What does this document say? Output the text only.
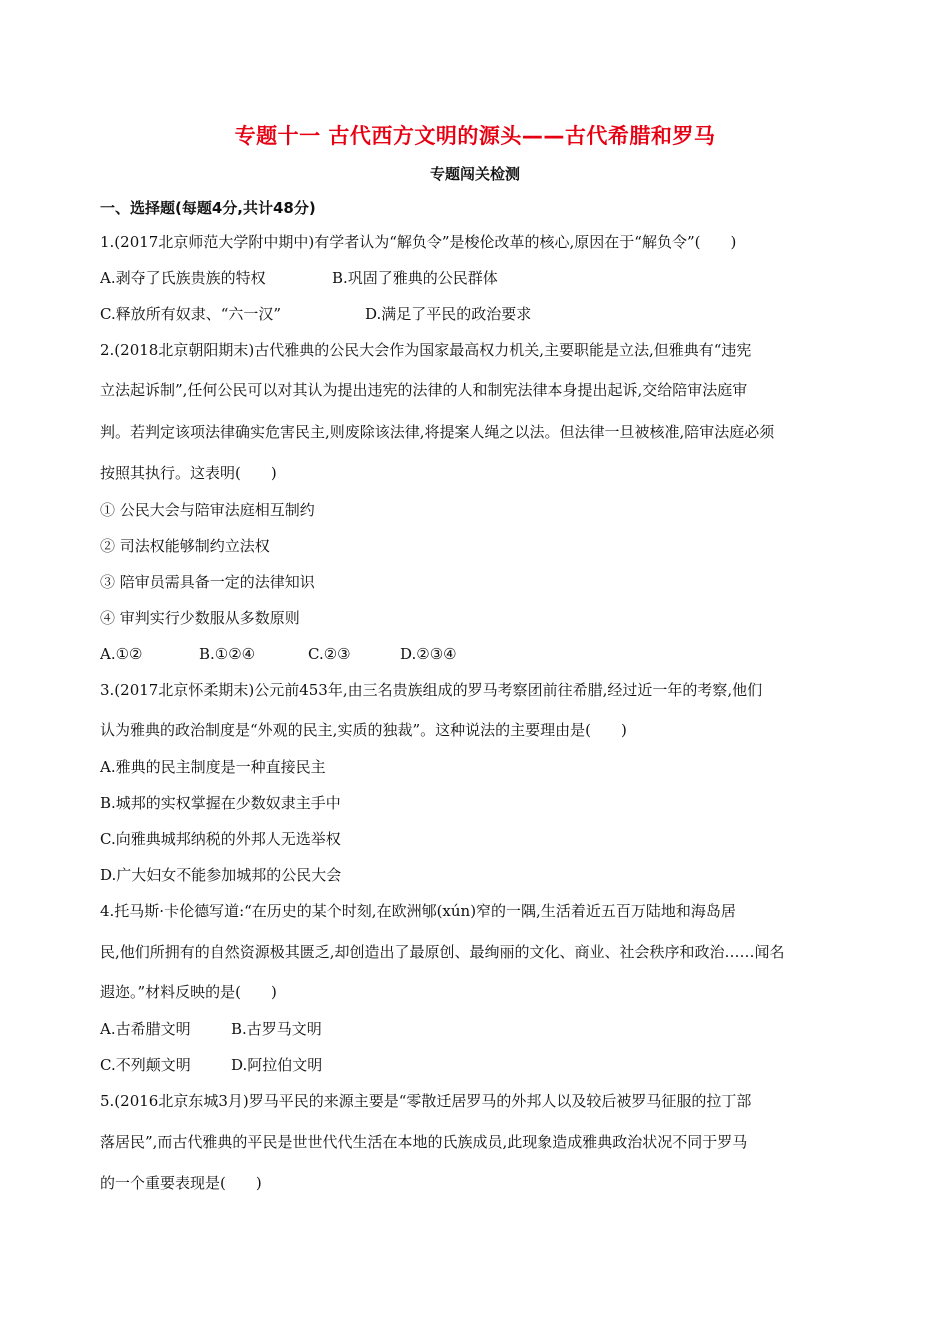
专题十一 古代西方文明的源头——古代希腊和罗马
专题闯关检测
一、选择题(每题4分,共计48分)
1.(2017北京师范大学附中期中)有学者认为“解负令”是梭伦改革的核心,原因在于“解负令”(　　)
A.剥夺了氏族贵族的特权	B.巩固了雅典的公民群体
C.释放所有奴隶、“六一汉”	D.满足了平民的政治要求
2.(2018北京朝阳期末)古代雅典的公民大会作为国家最高权力机关,主要职能是立法,但雅典有“违宪
立法起诉制”,任何公民可以对其认为提出违宪的法律的人和制宪法律本身提出起诉,交给陪审法庭审
判。若判定该项法律确实危害民主,则废除该法律,将提案人绳之以法。但法律一旦被核准,陪审法庭必须
按照其执行。这表明(　　)
① 公民大会与陪审法庭相互制约
② 司法权能够制约立法权
③ 陪审员需具备一定的法律知识
④ 审判实行少数服从多数原则
A.①②	B.①②④	C.②③	D.②③④
3.(2017北京怀柔期末)公元前453年,由三名贵族组成的罗马考察团前往希腊,经过近一年的考察,他们
认为雅典的政治制度是“外观的民主,实质的独裁”。这种说法的主要理由是(　　)
A.雅典的民主制度是一种直接民主
B.城邦的实权掌握在少数奴隶主手中
C.向雅典城邦纳税的外邦人无选举权
D.广大妇女不能参加城邦的公民大会
4.托马斯·卡伦德写道:“在历史的某个时刻,在欧洲郇(xún)窄的一隅,生活着近五百万陆地和海岛居
民,他们所拥有的自然资源极其匮乏,却创造出了最原创、最绚丽的文化、商业、社会秩序和政治……闻名
遐迩。”材料反映的是(　　)
A.古希腊文明	B.古罗马文明
C.不列颠文明	D.阿拉伯文明
5.(2016北京东城3月)罗马平民的来源主要是“零散迁居罗马的外邦人以及较后被罗马征服的拉丁部
落居民”,而古代雅典的平民是世世代代生活在本地的氏族成员,此现象造成雅典政治状况不同于罗马
的一个重要表现是(　　)
